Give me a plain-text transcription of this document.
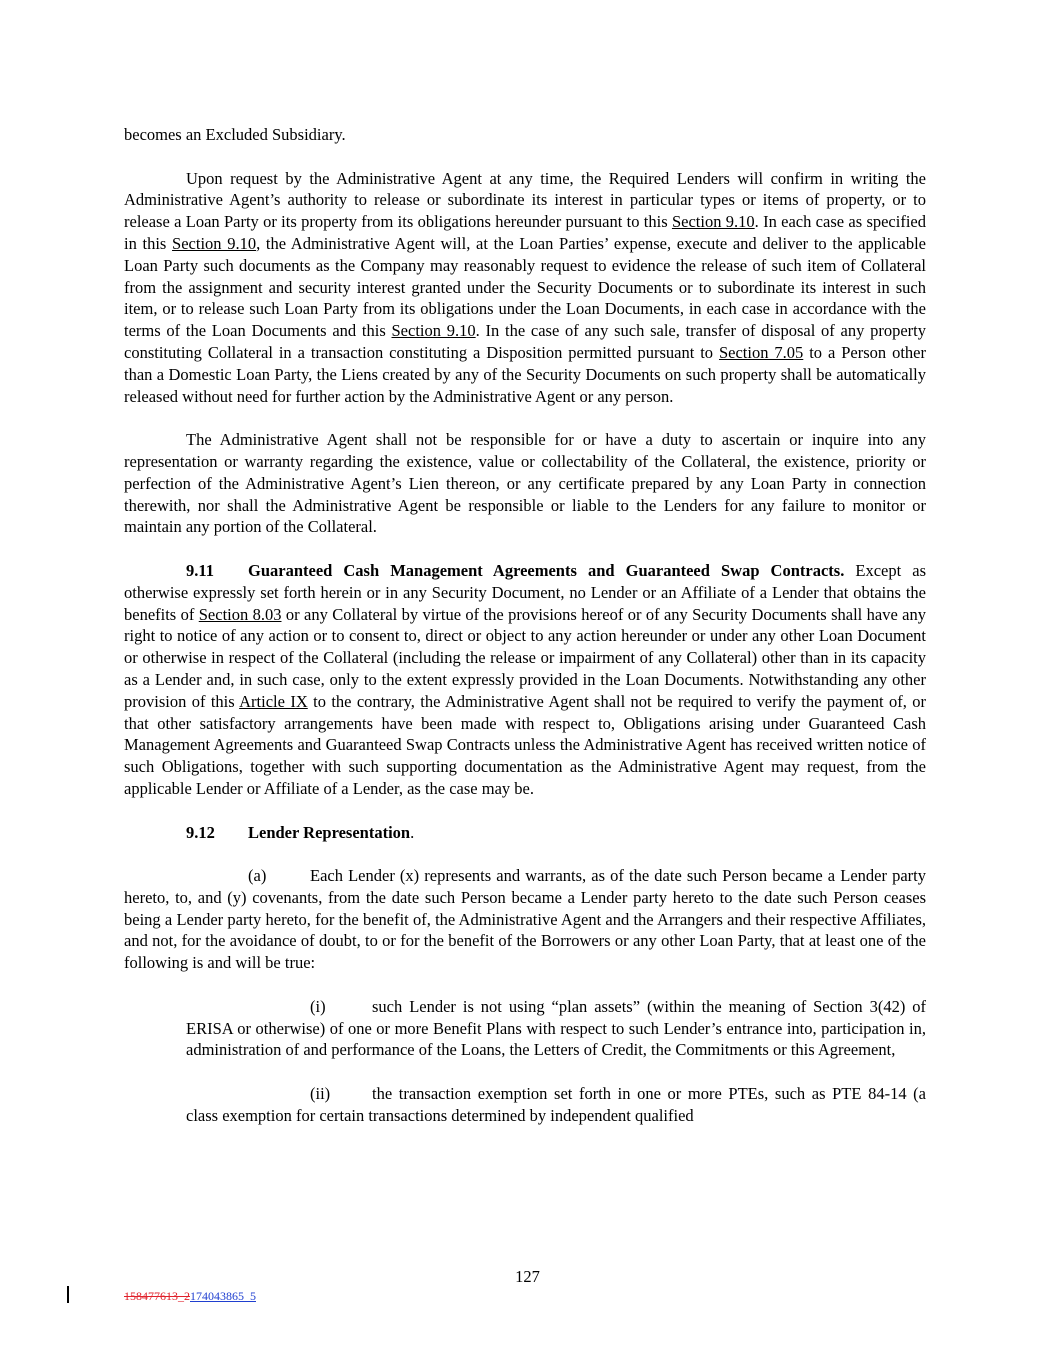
becomes an Excluded Subsidiary.

Upon request by the Administrative Agent at any time, the Required Lenders will confirm in writing the Administrative Agent’s authority to release or subordinate its interest in particular types or items of property, or to release a Loan Party or its property from its obligations hereunder pursuant to this Section 9.10. In each case as specified in this Section 9.10, the Administrative Agent will, at the Loan Parties’ expense, execute and deliver to the applicable Loan Party such documents as the Company may reasonably request to evidence the release of such item of Collateral from the assignment and security interest granted under the Security Documents or to subordinate its interest in such item, or to release such Loan Party from its obligations under the Loan Documents, in each case in accordance with the terms of the Loan Documents and this Section 9.10. In the case of any such sale, transfer of disposal of any property constituting Collateral in a transaction constituting a Disposition permitted pursuant to Section 7.05 to a Person other than a Domestic Loan Party, the Liens created by any of the Security Documents on such property shall be automatically released without need for further action by the Administrative Agent or any person.

The Administrative Agent shall not be responsible for or have a duty to ascertain or inquire into any representation or warranty regarding the existence, value or collectability of the Collateral, the existence, priority or perfection of the Administrative Agent’s Lien thereon, or any certificate prepared by any Loan Party in connection therewith, nor shall the Administrative Agent be responsible or liable to the Lenders for any failure to monitor or maintain any portion of the Collateral.

9.11 Guaranteed Cash Management Agreements and Guaranteed Swap Contracts. Except as otherwise expressly set forth herein or in any Security Document, no Lender or an Affiliate of a Lender that obtains the benefits of Section 8.03 or any Collateral by virtue of the provisions hereof or of any Security Documents shall have any right to notice of any action or to consent to, direct or object to any action hereunder or under any other Loan Document or otherwise in respect of the Collateral (including the release or impairment of any Collateral) other than in its capacity as a Lender and, in such case, only to the extent expressly provided in the Loan Documents. Notwithstanding any other provision of this Article IX to the contrary, the Administrative Agent shall not be required to verify the payment of, or that other satisfactory arrangements have been made with respect to, Obligations arising under Guaranteed Cash Management Agreements and Guaranteed Swap Contracts unless the Administrative Agent has received written notice of such Obligations, together with such supporting documentation as the Administrative Agent may request, from the applicable Lender or Affiliate of a Lender, as the case may be.

9.12 Lender Representation.

(a)	Each Lender (x) represents and warrants, as of the date such Person became a Lender party hereto, to, and (y) covenants, from the date such Person became a Lender party hereto to the date such Person ceases being a Lender party hereto, for the benefit of, the Administrative Agent and the Arrangers and their respective Affiliates, and not, for the avoidance of doubt, to or for the benefit of the Borrowers or any other Loan Party, that at least one of the following is and will be true:

(i)	such Lender is not using “plan assets” (within the meaning of Section 3(42) of ERISA or otherwise) of one or more Benefit Plans with respect to such Lender’s entrance into, participation in, administration of and performance of the Loans, the Letters of Credit, the Commitments or this Agreement,

(ii)	the transaction exemption set forth in one or more PTEs, such as PTE 84-14 (a class exemption for certain transactions determined by independent qualified

127
158477613_2174043865_5
